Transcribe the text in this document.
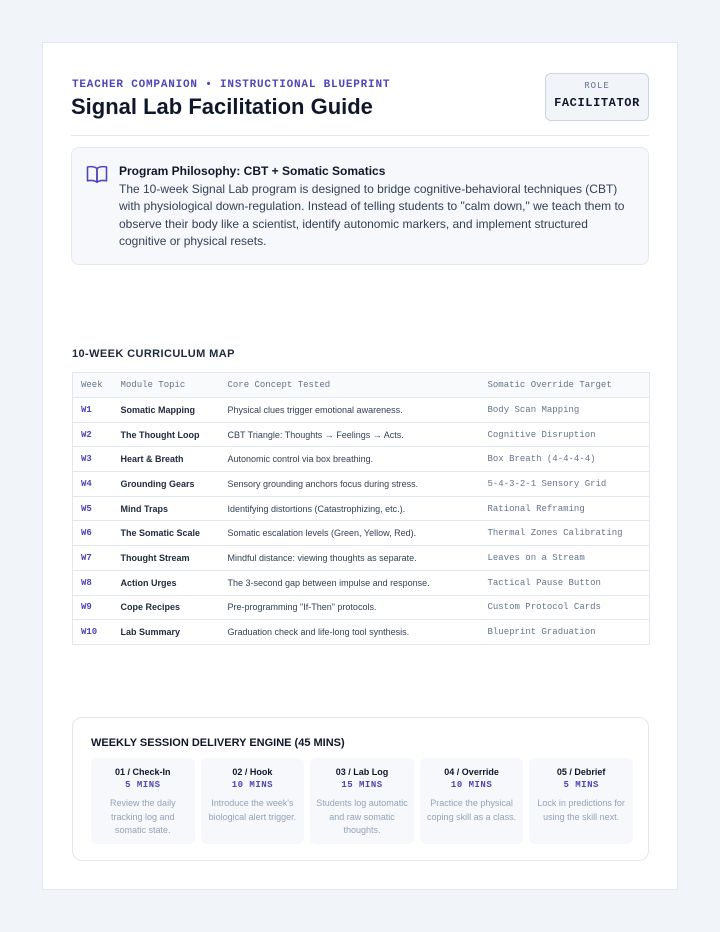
TEACHER COMPANION • INSTRUCTIONAL BLUEPRINT
Signal Lab Facilitation Guide
ROLE
FACILITATOR
Program Philosophy: CBT + Somatic Somatics
The 10-week Signal Lab program is designed to bridge cognitive-behavioral techniques (CBT) with physiological down-regulation. Instead of telling students to "calm down," we teach them to observe their body like a scientist, identify autonomic markers, and implement structured cognitive or physical resets.
10-WEEK CURRICULUM MAP
Week	Module Topic	Core Concept Tested	Somatic Override Target
W1	Somatic Mapping	Physical clues trigger emotional awareness.	Body Scan Mapping
W2	The Thought Loop	CBT Triangle: Thoughts → Feelings → Acts.	Cognitive Disruption
W3	Heart & Breath	Autonomic control via box breathing.	Box Breath (4-4-4-4)
W4	Grounding Gears	Sensory grounding anchors focus during stress.	5-4-3-2-1 Sensory Grid
W5	Mind Traps	Identifying distortions (Catastrophizing, etc.).	Rational Reframing
W6	The Somatic Scale	Somatic escalation levels (Green, Yellow, Red).	Thermal Zones Calibrating
W7	Thought Stream	Mindful distance: viewing thoughts as separate.	Leaves on a Stream
W8	Action Urges	The 3-second gap between impulse and response.	Tactical Pause Button
W9	Cope Recipes	Pre-programming "If-Then" protocols.	Custom Protocol Cards
W10	Lab Summary	Graduation check and life-long tool synthesis.	Blueprint Graduation
WEEKLY SESSION DELIVERY ENGINE (45 MINS)
01 / Check-In
5 MINS
Review the daily tracking log and somatic state.
02 / Hook
10 MINS
Introduce the week's biological alert trigger.
03 / Lab Log
15 MINS
Students log automatic and raw somatic thoughts.
04 / Override
10 MINS
Practice the physical coping skill as a class.
05 / Debrief
5 MINS
Lock in predictions for using the skill next.
